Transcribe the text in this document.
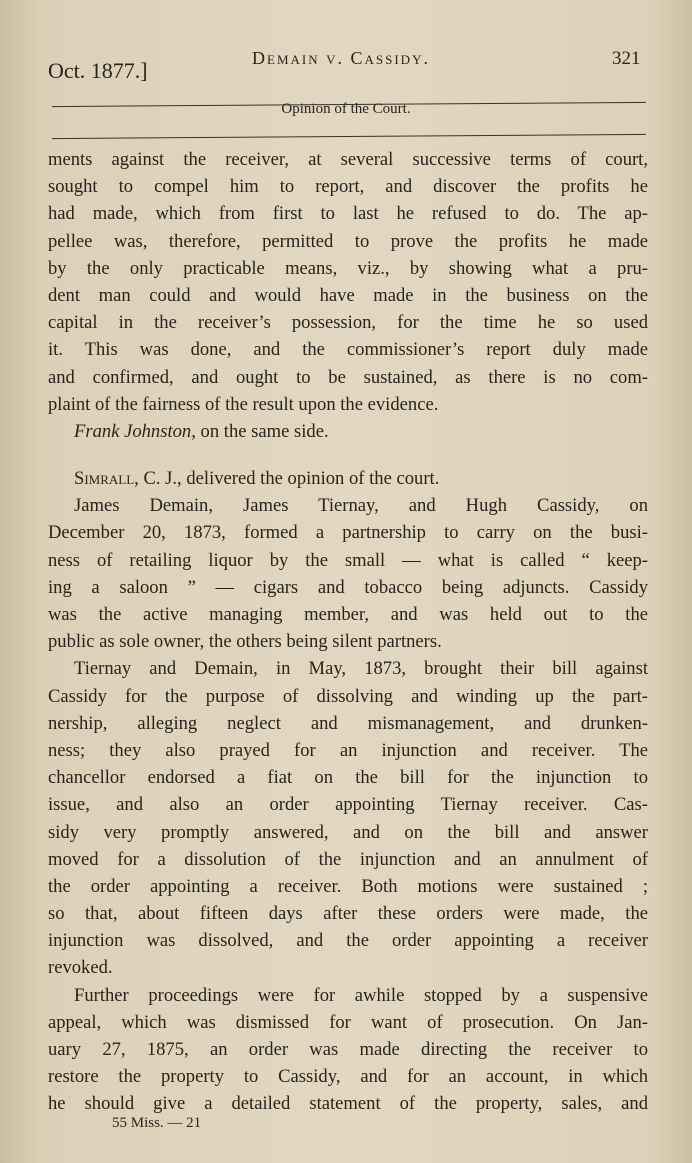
Oct. 1877.]	Demain v. Cassidy.	321
Opinion of the Court.
ments against the receiver, at several successive terms of court,
sought to compel him to report, and discover the profits he
had made, which from first to last he refused to do. The ap-
pellee was, therefore, permitted to prove the profits he made
by the only practicable means, viz., by showing what a pru-
dent man could and would have made in the business on the
capital in the receiver’s possession, for the time he so used
it. This was done, and the commissioner’s report duly made
and confirmed, and ought to be sustained, as there is no com-
plaint of the fairness of the result upon the evidence.
Frank Johnston, on the same side.
Simrall, C. J., delivered the opinion of the court.
James Demain, James Tiernay, and Hugh Cassidy, on
December 20, 1873, formed a partnership to carry on the busi-
ness of retailing liquor by the small — what is called “ keep-
ing a saloon ” — cigars and tobacco being adjuncts. Cassidy
was the active managing member, and was held out to the
public as sole owner, the others being silent partners.
Tiernay and Demain, in May, 1873, brought their bill against
Cassidy for the purpose of dissolving and winding up the part-
nership, alleging neglect and mismanagement, and drunken-
ness; they also prayed for an injunction and receiver. The
chancellor endorsed a fiat on the bill for the injunction to
issue, and also an order appointing Tiernay receiver. Cas-
sidy very promptly answered, and on the bill and answer
moved for a dissolution of the injunction and an annulment of
the order appointing a receiver. Both motions were sustained ;
so that, about fifteen days after these orders were made, the
injunction was dissolved, and the order appointing a receiver
revoked.
Further proceedings were for awhile stopped by a suspensive
appeal, which was dismissed for want of prosecution. On Jan-
uary 27, 1875, an order was made directing the receiver to
restore the property to Cassidy, and for an account, in which
he should give a detailed statement of the property, sales, and
55 Miss. — 21
